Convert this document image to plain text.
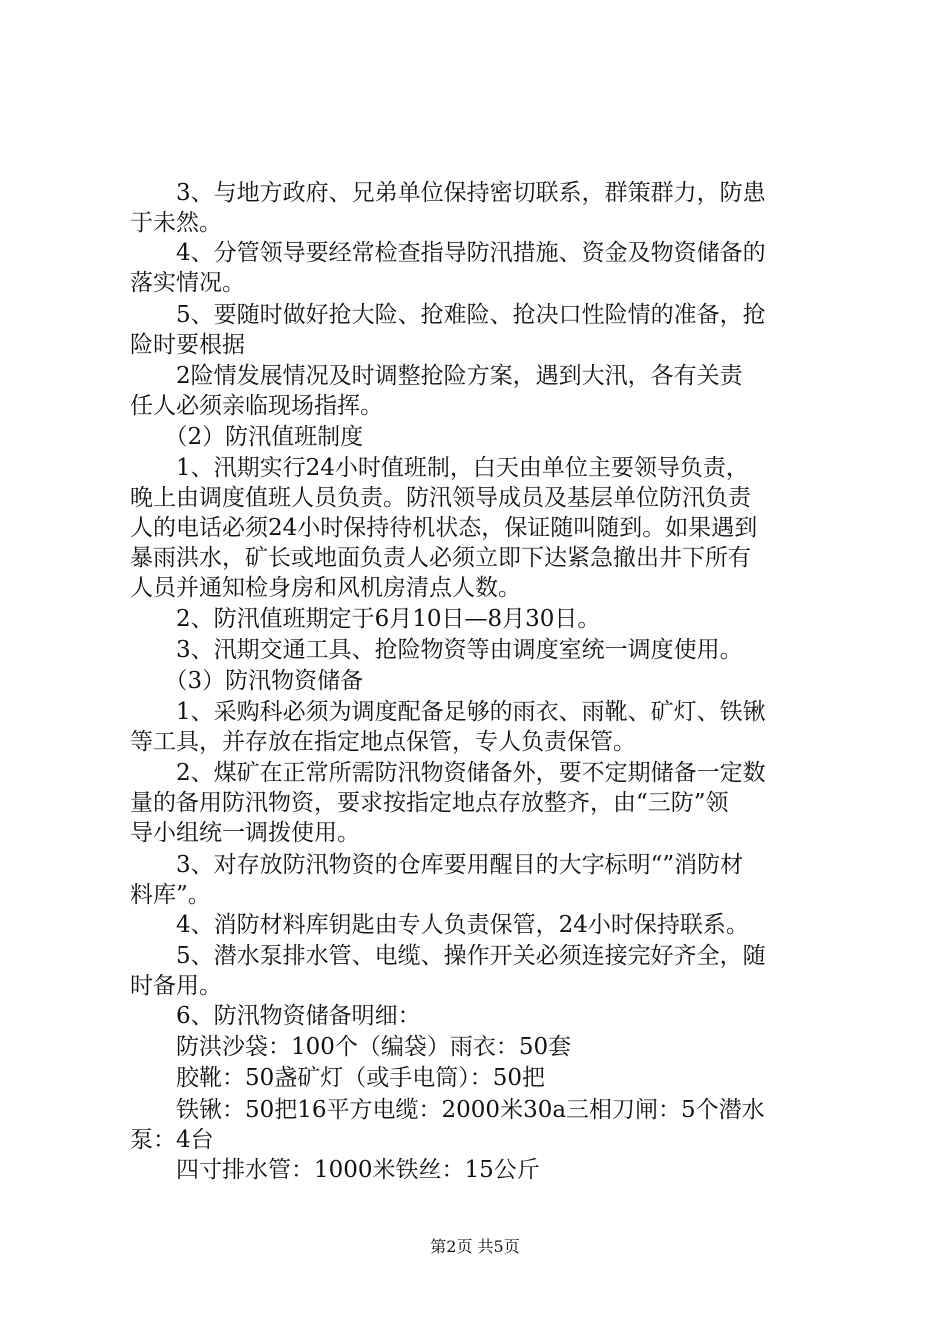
　　3、与地方政府、兄弟单位保持密切联系，群策群力，防患
于未然。
　　4、分管领导要经常检查指导防汛措施、资金及物资储备的
落实情况。
　　5、要随时做好抢大险、抢难险、抢决口性险情的准备，抢
险时要根据
　　2险情发展情况及时调整抢险方案，遇到大汛，各有关责
任人必须亲临现场指挥。
　　（2）防汛值班制度
　　1、汛期实行24小时值班制，白天由单位主要领导负责，
晚上由调度值班人员负责。防汛领导成员及基层单位防汛负责
人的电话必须24小时保持待机状态，保证随叫随到。如果遇到
暴雨洪水，矿长或地面负责人必须立即下达紧急撤出井下所有
人员并通知检身房和风机房清点人数。
　　2、防汛值班期定于6月10日—8月30日。
　　3、汛期交通工具、抢险物资等由调度室统一调度使用。
　　（3）防汛物资储备
　　1、采购科必须为调度配备足够的雨衣、雨靴、矿灯、铁锹
等工具，并存放在指定地点保管，专人负责保管。
　　2、煤矿在正常所需防汛物资储备外，要不定期储备一定数
量的备用防汛物资，要求按指定地点存放整齐，由“三防”领
导小组统一调拨使用。
　　3、对存放防汛物资的仓库要用醒目的大字标明“”消防材
料库”。
　　4、消防材料库钥匙由专人负责保管，24小时保持联系。
　　5、潜水泵排水管、电缆、操作开关必须连接完好齐全，随
时备用。
　　6、防汛物资储备明细：
　　防洪沙袋：100个（编袋）雨衣：50套
　　胶靴：50盏矿灯（或手电筒）：50把
　　铁锹：50把16平方电缆：2000米30a三相刀闸：5个潜水
泵：4台
　　四寸排水管：1000米铁丝：15公斤
第2页 共5页
